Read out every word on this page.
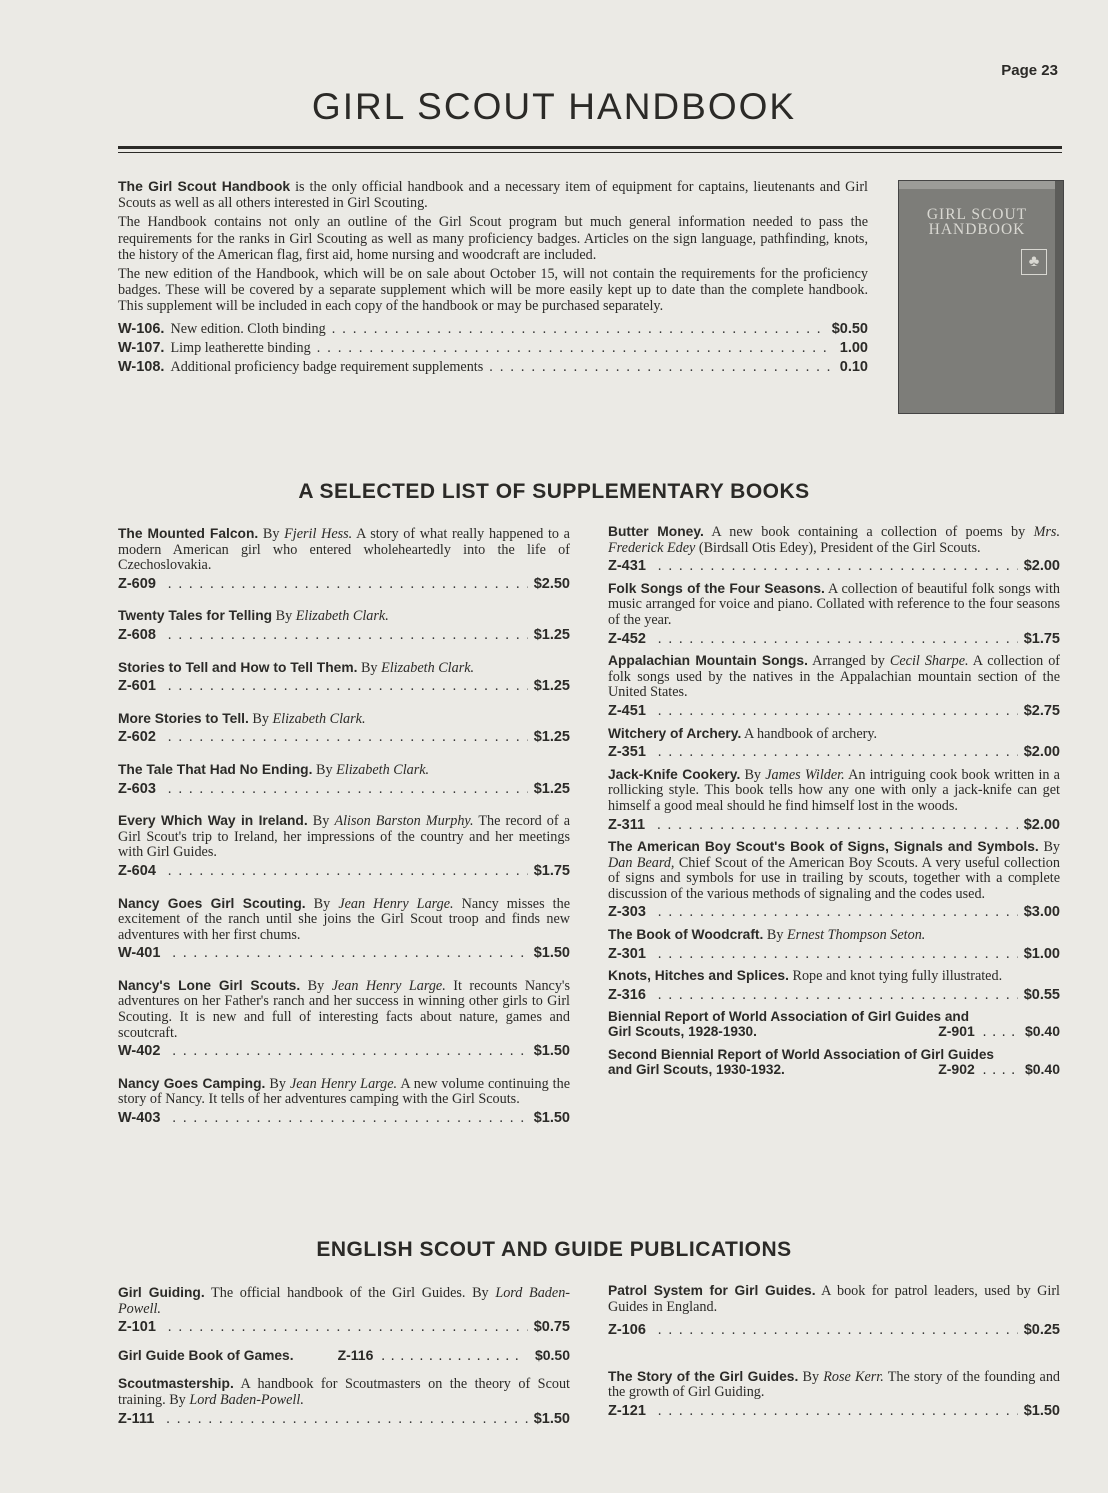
Page 23
GIRL SCOUT HANDBOOK

The Girl Scout Handbook is the only official handbook and a necessary item of equipment for captains, lieutenants and Girl Scouts as well as all others interested in Girl Scouting.

The Handbook contains not only an outline of the Girl Scout program but much general information needed to pass the requirements for the ranks in Girl Scouting as well as many proficiency badges. Articles on the sign language, pathfinding, knots, the history of the American flag, first aid, home nursing and woodcraft are included.

The new edition of the Handbook, which will be on sale about October 15, will not contain the requirements for the proficiency badges. These will be covered by a separate supplement which will be more easily kept up to date than the complete handbook. This supplement will be included in each copy of the handbook or may be purchased separately.

W-106. New edition. Cloth binding .....	$0.50
W-107. Limp leatherette binding .....	1.00
W-108. Additional proficiency badge requirement supplements .....	0.10
GIRL SCOUT
HANDBOOK
♣
A SELECTED LIST OF SUPPLEMENTARY BOOKS
The Mounted Falcon. By Fjeril Hess. A story of what really happened to a modern American girl who entered wholeheartedly into the life of Czechoslovakia.
Z-609 .....	$2.50
Twenty Tales for Telling By Elizabeth Clark.
Z-608 .....	$1.25
Stories to Tell and How to Tell Them. By Elizabeth Clark.
Z-601 .....	$1.25
More Stories to Tell. By Elizabeth Clark.
Z-602 .....	$1.25
The Tale That Had No Ending. By Elizabeth Clark.
Z-603 .....	$1.25
Every Which Way in Ireland. By Alison Barston Murphy. The record of a Girl Scout's trip to Ireland, her impressions of the country and her meetings with Girl Guides.
Z-604 .....	$1.75
Nancy Goes Girl Scouting. By Jean Henry Large. Nancy misses the excitement of the ranch until she joins the Girl Scout troop and finds new adventures with her first chums.
W-401 .....	$1.50
Nancy's Lone Girl Scouts. By Jean Henry Large. It recounts Nancy's adventures on her Father's ranch and her success in winning other girls to Girl Scouting. It is new and full of interesting facts about nature, games and scoutcraft.
W-402 .....	$1.50
Nancy Goes Camping. By Jean Henry Large. A new volume continuing the story of Nancy. It tells of her adventures camping with the Girl Scouts.
W-403 .....	$1.50
Butter Money. A new book containing a collection of poems by Mrs. Frederick Edey (Birdsall Otis Edey), President of the Girl Scouts.
Z-431 .....	$2.00
Folk Songs of the Four Seasons. A collection of beautiful folk songs with music arranged for voice and piano. Collated with reference to the four seasons of the year.
Z-452 .....	$1.75
Appalachian Mountain Songs. Arranged by Cecil Sharpe. A collection of folk songs used by the natives in the Appalachian mountain section of the United States.
Z-451 .....	$2.75
Witchery of Archery. A handbook of archery.
Z-351 .....	$2.00
Jack-Knife Cookery. By James Wilder. An intriguing cook book written in a rollicking style. This book tells how any one with only a jack-knife can get himself a good meal should he find himself lost in the woods.
Z-311 .....	$2.00
The American Boy Scout's Book of Signs, Signals and Symbols. By Dan Beard, Chief Scout of the American Boy Scouts. A very useful collection of signs and symbols for use in trailing by scouts, together with a complete discussion of the various methods of signaling and the codes used.
Z-303 .....	$3.00
The Book of Woodcraft. By Ernest Thompson Seton.
Z-301 .....	$1.00
Knots, Hitches and Splices. Rope and knot tying fully illustrated.
Z-316 .....	$0.55
Biennial Report of World Association of Girl Guides and
Girl Scouts, 1928-1930.	Z-901 .... $0.40
Second Biennial Report of World Association of Girl Guides
and Girl Scouts, 1930-1932.	Z-902 .... $0.40
ENGLISH SCOUT AND GUIDE PUBLICATIONS
Girl Guiding. The official handbook of the Girl Guides. By Lord Baden-Powell.
Z-101 .....	$0.75
Girl Guide Book of Games.	Z-116 ............... $0.50
Scoutmastership. A handbook for Scoutmasters on the theory of Scout training. By Lord Baden-Powell.
Z-111 .....	$1.50
Patrol System for Girl Guides. A book for patrol leaders, used by Girl Guides in England.
Z-106 .....	$0.25
The Story of the Girl Guides. By Rose Kerr. The story of the founding and the growth of Girl Guiding.
Z-121 .....	$1.50
